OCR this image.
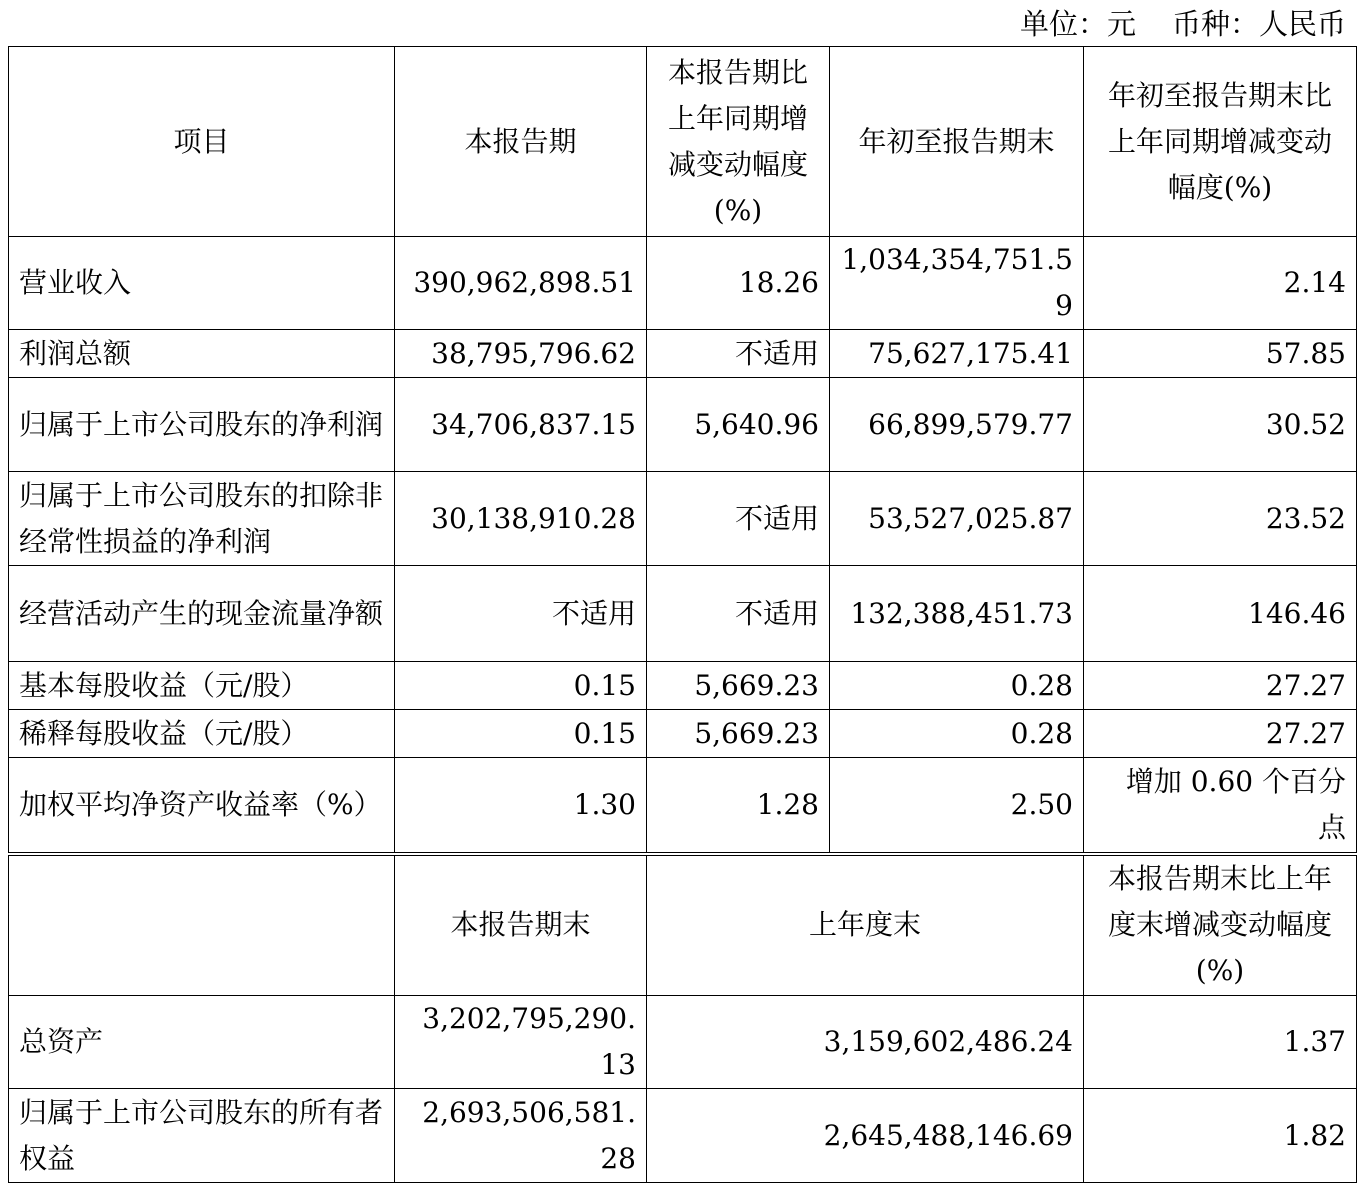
单位：元 币种：人民币
项目	本报告期	本报告期比上年同期增减变动幅度(%)	年初至报告期末	年初至报告期末比上年同期增减变动幅度(%)
营业收入	390,962,898.51	18.26	1,034,354,751.59	2.14
利润总额	38,795,796.62	不适用	75,627,175.41	57.85
归属于上市公司股东的净利润	34,706,837.15	5,640.96	66,899,579.77	30.52
归属于上市公司股东的扣除非经常性损益的净利润	30,138,910.28	不适用	53,527,025.87	23.52
经营活动产生的现金流量净额	不适用	不适用	132,388,451.73	146.46
基本每股收益（元/股）	0.15	5,669.23	0.28	27.27
稀释每股收益（元/股）	0.15	5,669.23	0.28	27.27
加权平均净资产收益率（%）	1.30	1.28	2.50	增加 0.60 个百分点
	本报告期末	上年度末		本报告期末比上年度末增减变动幅度(%)
总资产	3,202,795,290.13	3,159,602,486.24		1.37
归属于上市公司股东的所有者权益	2,693,506,581.28	2,645,488,146.69		1.82
